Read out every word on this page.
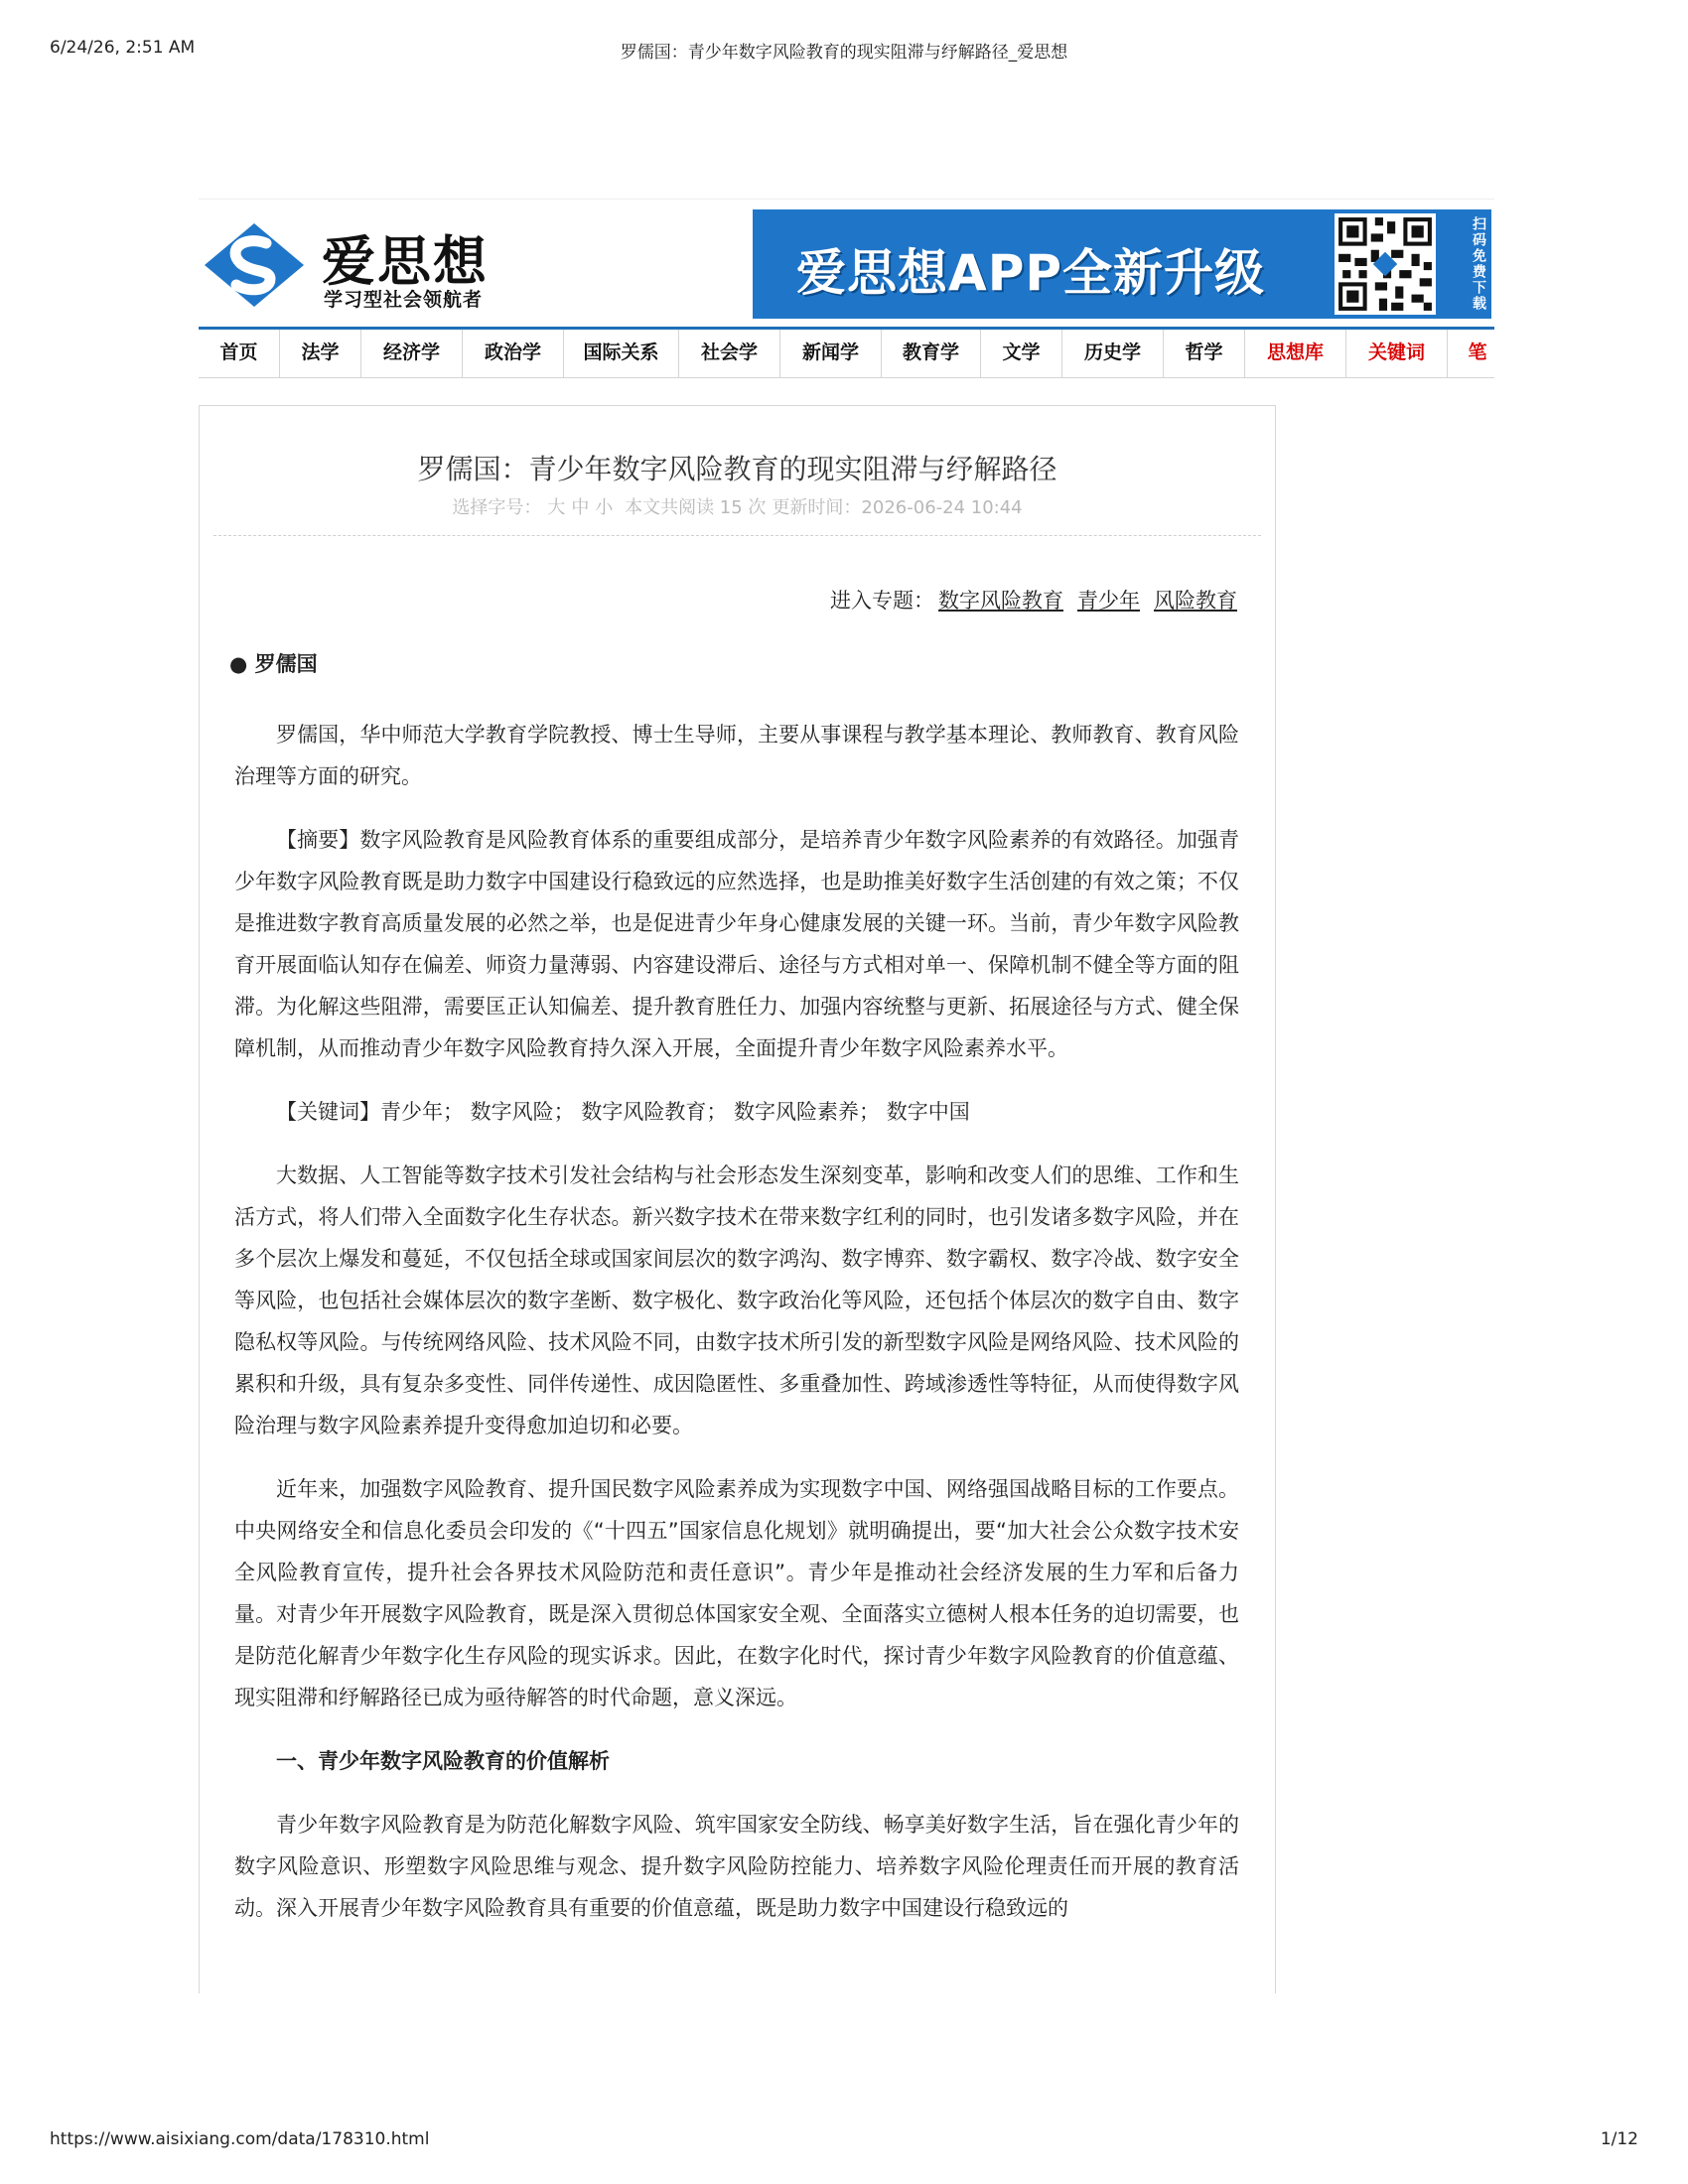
6/24/26, 2:51 AM	罗儒国：青少年数字风险教育的现实阻滞与纾解路径_爱思想
爱思想
学习型社会领航者	爱思想APP全新升级	扫码免费下载
首页	法学	经济学	政治学	国际关系	社会学	新闻学	教育学	文学	历史学	哲学	思想库	关键词	笔
罗儒国：青少年数字风险教育的现实阻滞与纾解路径
选择字号： 大 中 小 本文共阅读 15 次 更新时间：2026-06-24 10:44
进入专题： 数字风险教育 青少年 风险教育
● 罗儒国

罗儒国，华中师范大学教育学院教授、博士生导师，主要从事课程与教学基本理论、教师教育、教育风险治理等方面的研究。

【摘要】数字风险教育是风险教育体系的重要组成部分，是培养青少年数字风险素养的有效路径。加强青少年数字风险教育既是助力数字中国建设行稳致远的应然选择，也是助推美好数字生活创建的有效之策；不仅是推进数字教育高质量发展的必然之举，也是促进青少年身心健康发展的关键一环。当前，青少年数字风险教育开展面临认知存在偏差、师资力量薄弱、内容建设滞后、途径与方式相对单一、保障机制不健全等方面的阻滞。为化解这些阻滞，需要匡正认知偏差、提升教育胜任力、加强内容统整与更新、拓展途径与方式、健全保障机制，从而推动青少年数字风险教育持久深入开展，全面提升青少年数字风险素养水平。

【关键词】青少年； 数字风险； 数字风险教育； 数字风险素养； 数字中国

大数据、人工智能等数字技术引发社会结构与社会形态发生深刻变革，影响和改变人们的思维、工作和生活方式，将人们带入全面数字化生存状态。新兴数字技术在带来数字红利的同时，也引发诸多数字风险，并在多个层次上爆发和蔓延，不仅包括全球或国家间层次的数字鸿沟、数字博弈、数字霸权、数字冷战、数字安全等风险，也包括社会媒体层次的数字垄断、数字极化、数字政治化等风险，还包括个体层次的数字自由、数字隐私权等风险。与传统网络风险、技术风险不同，由数字技术所引发的新型数字风险是网络风险、技术风险的累积和升级，具有复杂多变性、同伴传递性、成因隐匿性、多重叠加性、跨域渗透性等特征，从而使得数字风险治理与数字风险素养提升变得愈加迫切和必要。

近年来，加强数字风险教育、提升国民数字风险素养成为实现数字中国、网络强国战略目标的工作要点。中央网络安全和信息化委员会印发的《“十四五”国家信息化规划》就明确提出，要“加大社会公众数字技术安全风险教育宣传，提升社会各界技术风险防范和责任意识”。青少年是推动社会经济发展的生力军和后备力量。对青少年开展数字风险教育，既是深入贯彻总体国家安全观、全面落实立德树人根本任务的迫切需要，也是防范化解青少年数字化生存风险的现实诉求。因此，在数字化时代，探讨青少年数字风险教育的价值意蕴、现实阻滞和纾解路径已成为亟待解答的时代命题，意义深远。

一、青少年数字风险教育的价值解析

青少年数字风险教育是为防范化解数字风险、筑牢国家安全防线、畅享美好数字生活，旨在强化青少年的数字风险意识、形塑数字风险思维与观念、提升数字风险防控能力、培养数字风险伦理责任而开展的教育活动。深入开展青少年数字风险教育具有重要的价值意蕴，既是助力数字中国建设行稳致远的

https://www.aisixiang.com/data/178310.html	1/12
